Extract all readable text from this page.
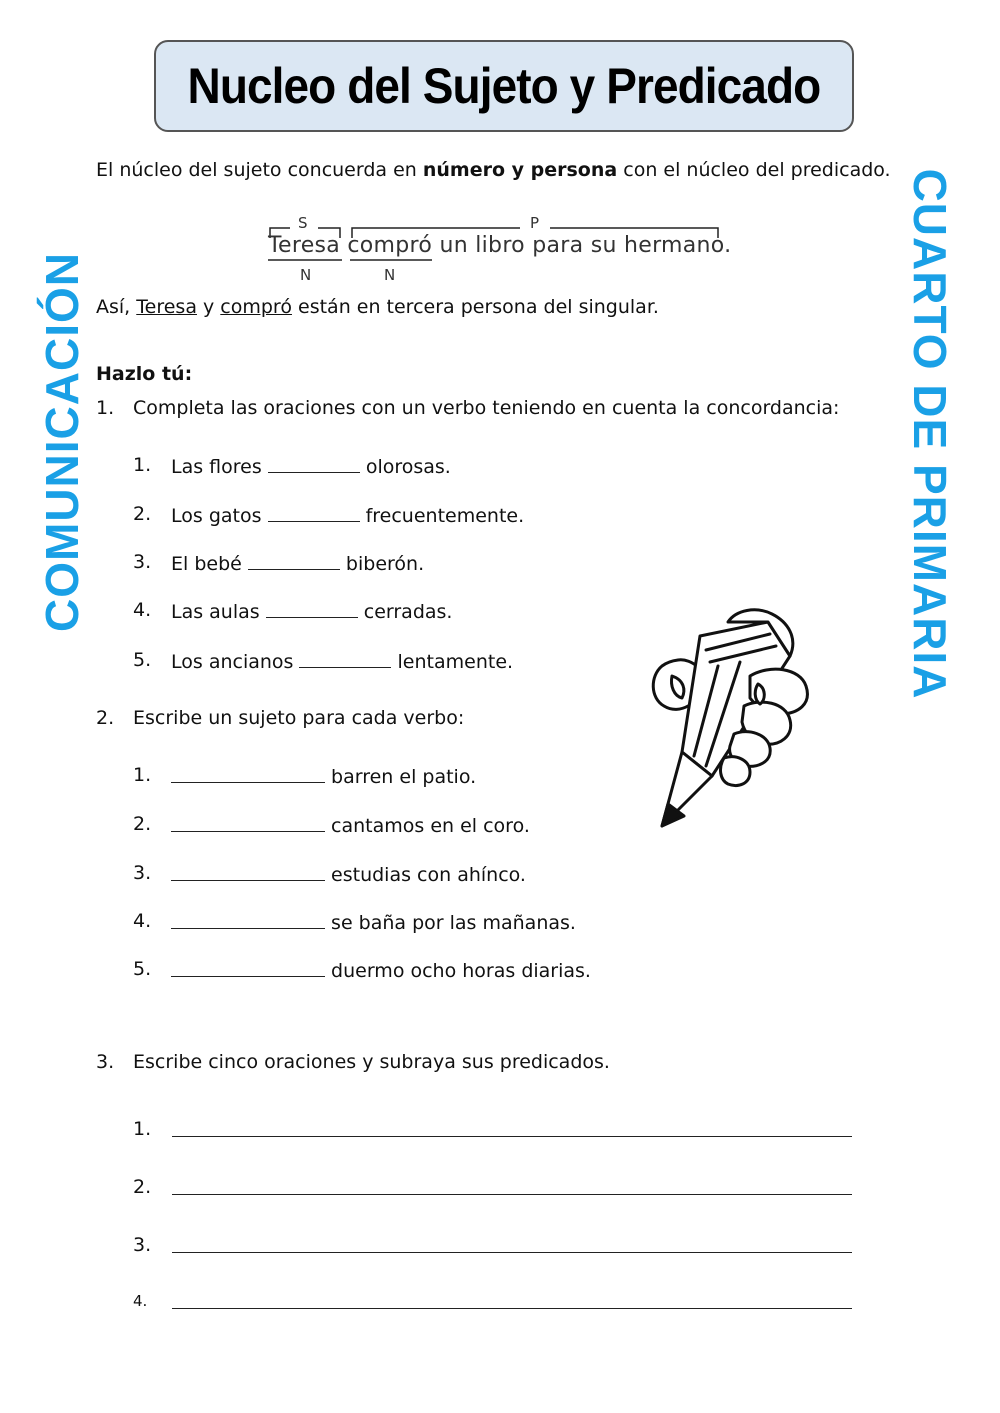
Nucleo del Sujeto y Predicado
COMUNICACIÓN	CUARTO DE PRIMARIA
El núcleo del sujeto concuerda en número y persona con el núcleo del predicado.
S	P
Teresa compró un libro para su hermano.
N	N
Así, Teresa y compró están en tercera persona del singular.
Hazlo tú:
1. Completa las oraciones con un verbo teniendo en cuenta la concordancia:
1. Las flores	olorosas.
2. Los gatos	frecuentemente.
3. El bebé	biberón.
4. Las aulas	cerradas.
5. Los ancianos	lentamente.
2. Escribe un sujeto para cada verbo:
1.	barren el patio.
2.	cantamos en el coro.
3.	estudias con ahínco.
4.	se baña por las mañanas.
5.	duermo ocho horas diarias.
3. Escribe cinco oraciones y subraya sus predicados.
1.
2.
3.
4.
